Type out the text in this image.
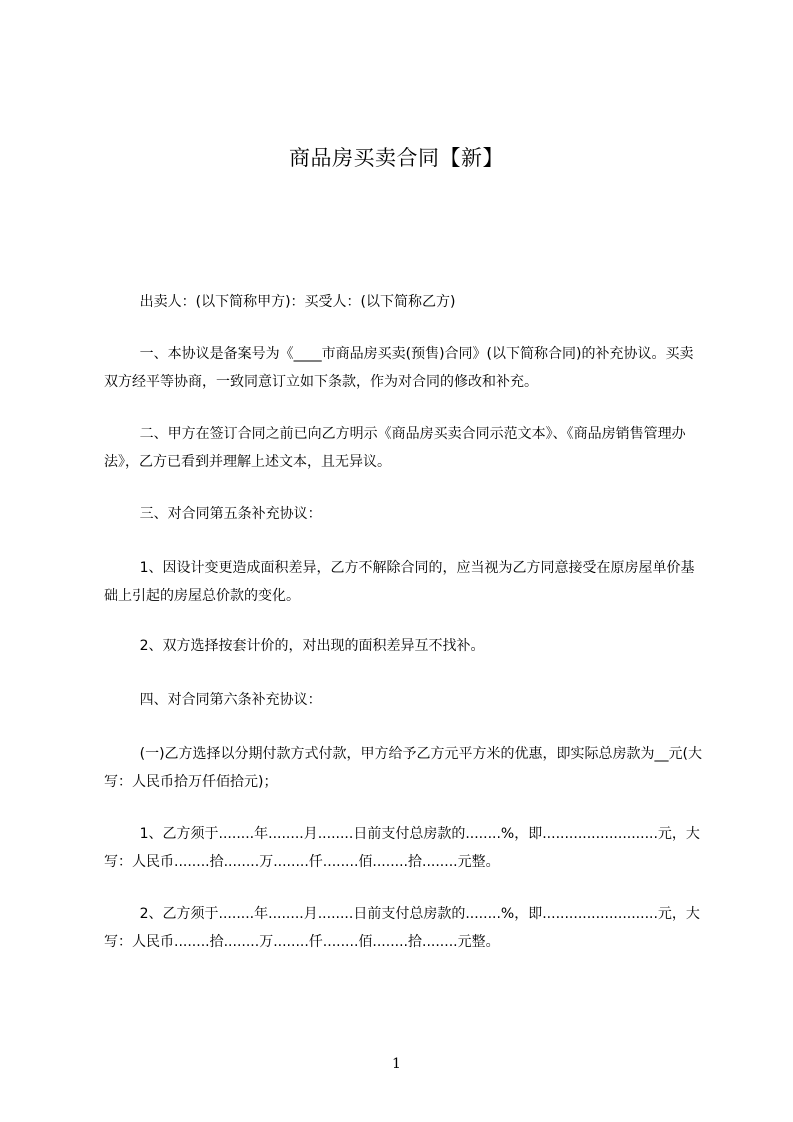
商品房买卖合同【新】
出卖人：(以下简称甲方)：买受人：(以下简称乙方)
一、本协议是备案号为《____市商品房买卖(预售)合同》(以下简称合同)的补充协议。买卖双方经平等协商，一致同意订立如下条款，作为对合同的修改和补充。
二、甲方在签订合同之前已向乙方明示《商品房买卖合同示范文本》、《商品房销售管理办法》，乙方已看到并理解上述文本，且无异议。
三、对合同第五条补充协议：
1、因设计变更造成面积差异，乙方不解除合同的，应当视为乙方同意接受在原房屋单价基础上引起的房屋总价款的变化。
2、双方选择按套计价的，对出现的面积差异互不找补。
四、对合同第六条补充协议：
(一)乙方选择以分期付款方式付款，甲方给予乙方元平方米的优惠，即实际总房款为__元(大写：人民币拾万仟佰拾元)；
1、乙方须于........年........月........日前支付总房款的........%，即..........................元，大写：人民币........拾........万........仟........佰........拾........元整。
2、乙方须于........年........月........日前支付总房款的........%，即..........................元，大写：人民币........拾........万........仟........佰........拾........元整。
1
